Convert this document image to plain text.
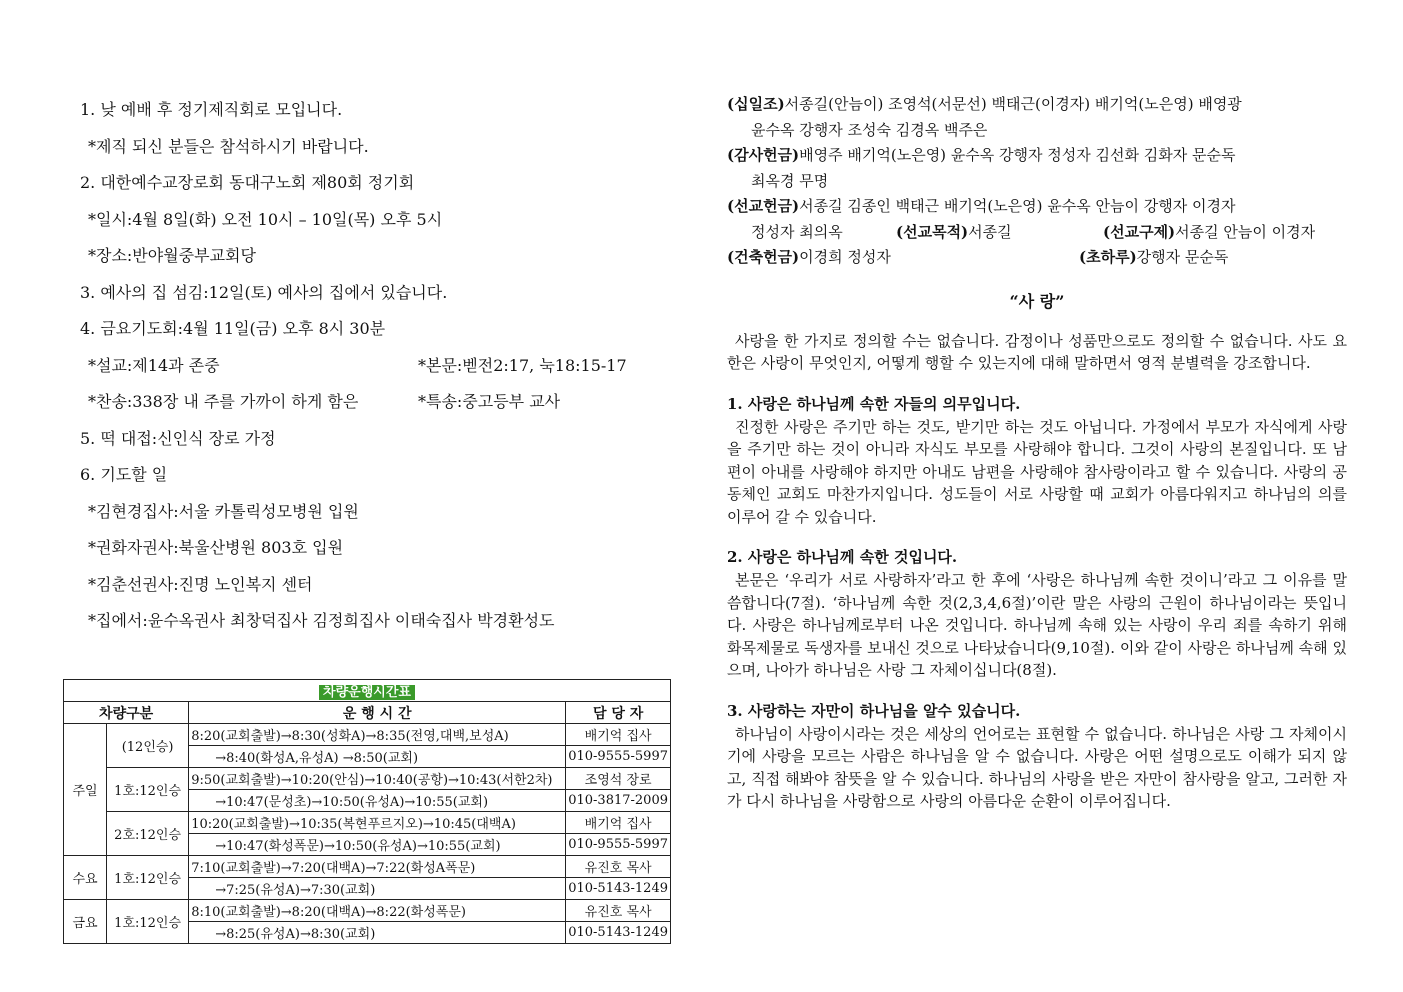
1. 낮 예배 후 정기제직회로 모입니다.

*제직 되신 분들은 참석하시기 바랍니다.

2. 대한예수교장로회 동대구노회 제80회 정기회

*일시:4월 8일(화) 오전 10시 – 10일(목) 오후 5시

*장소:반야월중부교회당

3. 예사의 집 섬김:12일(토) 예사의 집에서 있습니다.

4. 금요기도회:4월 11일(금) 오후 8시 30분

*설교:제14과 존중	*본문:벧전2:17, 눅18:15-17
*찬송:338장 내 주를 가까이 하게 함은	*특송:중고등부 교사

5. 떡 대접:신인식 장로 가정

6. 기도할 일

*김현경집사:서울 카톨릭성모병원 입원

*권화자권사:북울산병원 803호 입원

*김춘선권사:진명 노인복지 센터

*집에서:윤수옥권사 최창덕집사 김정희집사 이태숙집사 박경환성도

차량운행시간표			
차량구분		운 행 시 간	담 당 자
주일	(12인승)	8:20(교회출발)→8:30(성화A)→8:35(전영,대백,보성A)	배기억 집사
		→8:40(화성A,유성A) →8:50(교회)	010-9555-5997
	1호:12인승	9:50(교회출발)→10:20(안심)→10:40(공항)→10:43(서한2차)	조영석 장로
		→10:47(문성초)→10:50(유성A)→10:55(교회)	010-3817-2009
	2호:12인승	10:20(교회출발)→10:35(복현푸르지오)→10:45(대백A)	배기억 집사
		→10:47(화성폭문)→10:50(유성A)→10:55(교회)	010-9555-5997
수요	1호:12인승	7:10(교회출발)→7:20(대백A)→7:22(화성A폭문)	유진호 목사
		→7:25(유성A)→7:30(교회)	010-5143-1249
금요	1호:12인승	8:10(교회출발)→8:20(대백A)→8:22(화성폭문)	유진호 목사
		→8:25(유성A)→8:30(교회)	010-5143-1249

(십일조)서종길(안늠이) 조영석(서문선) 백태근(이경자) 배기억(노은영) 배영광

윤수옥 강행자 조성숙 김경옥 백주은

(감사헌금)배영주 배기억(노은영) 윤수옥 강행자 정성자 김선화 김화자 문순독

최옥경 무명

(선교헌금)서종길 김종인 백태근 배기억(노은영) 윤수옥 안늠이 강행자 이경자

정성자 최의옥	(선교목적)서종길	(선교구제)서종길 안늠이 이경자

(건축헌금)이경희 정성자	(초하루)강행자 문순독

“사 랑”

사랑을 한 가지로 정의할 수는 없습니다. 감정이나 성품만으로도 정의할 수 없습니다. 사도 요한은 사랑이 무엇인지, 어떻게 행할 수 있는지에 대해 말하면서 영적 분별력을 강조합니다.

1. 사랑은 하나님께 속한 자들의 의무입니다.

진정한 사랑은 주기만 하는 것도, 받기만 하는 것도 아닙니다. 가정에서 부모가 자식에게 사랑을 주기만 하는 것이 아니라 자식도 부모를 사랑해야 합니다. 그것이 사랑의 본질입니다. 또 남편이 아내를 사랑해야 하지만 아내도 남편을 사랑해야 참사랑이라고 할 수 있습니다. 사랑의 공동체인 교회도 마찬가지입니다. 성도들이 서로 사랑할 때 교회가 아름다워지고 하나님의 의를 이루어 갈 수 있습니다.

2. 사랑은 하나님께 속한 것입니다.

본문은 ‘우리가 서로 사랑하자’라고 한 후에 ‘사랑은 하나님께 속한 것이니’라고 그 이유를 말씀합니다(7절). ‘하나님께 속한 것(2,3,4,6절)’이란 말은 사랑의 근원이 하나님이라는 뜻입니다. 사랑은 하나님께로부터 나온 것입니다. 하나님께 속해 있는 사랑이 우리 죄를 속하기 위해 화목제물로 독생자를 보내신 것으로 나타났습니다(9,10절). 이와 같이 사랑은 하나님께 속해 있으며, 나아가 하나님은 사랑 그 자체이십니다(8절).

3. 사랑하는 자만이 하나님을 알수 있습니다.

하나님이 사랑이시라는 것은 세상의 언어로는 표현할 수 없습니다. 하나님은 사랑 그 자체이시기에 사랑을 모르는 사람은 하나님을 알 수 없습니다. 사랑은 어떤 설명으로도 이해가 되지 않고, 직접 해봐야 참뜻을 알 수 있습니다. 하나님의 사랑을 받은 자만이 참사랑을 알고, 그러한 자가 다시 하나님을 사랑함으로 사랑의 아름다운 순환이 이루어집니다.
